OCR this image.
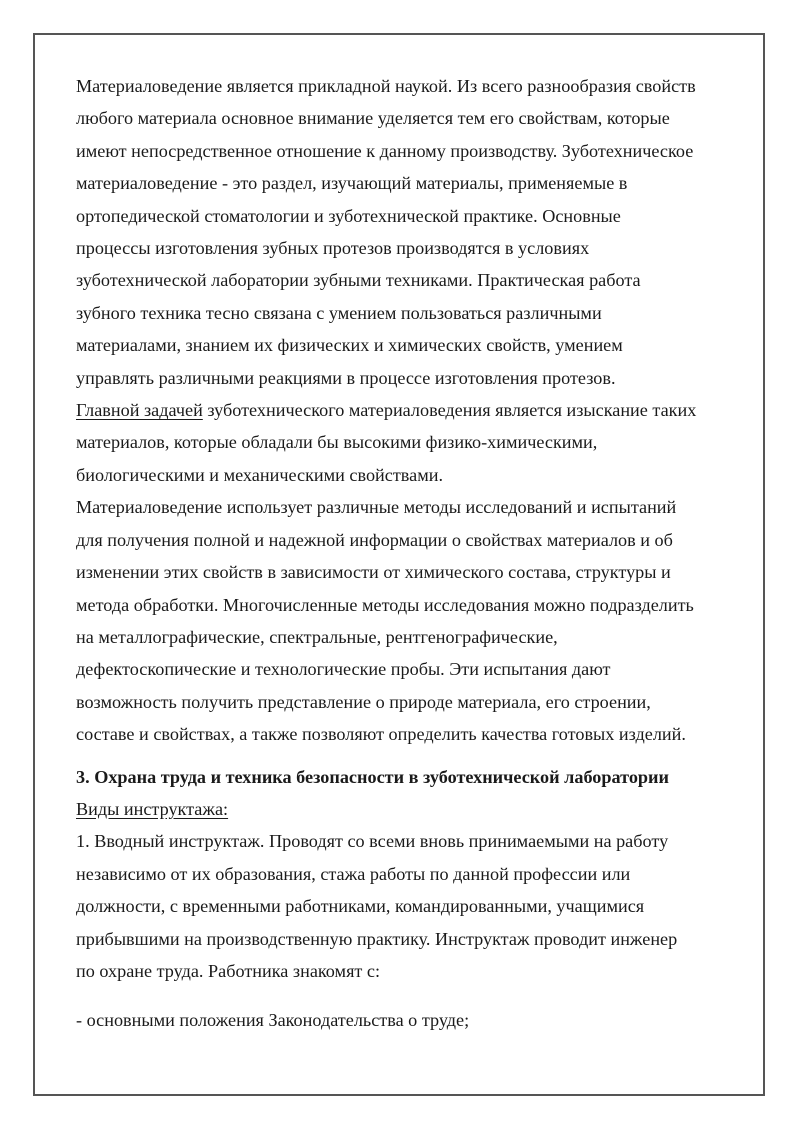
Материаловедение является прикладной наукой. Из всего разнообразия свойств
любого материала основное внимание уделяется тем его свойствам, которые
имеют непосредственное отношение к данному производству. Зуботехническое
материаловедение - это раздел, изучающий материалы, применяемые в
ортопедической стоматологии и зуботехнической практике. Основные
процессы изготовления зубных протезов производятся в условиях
зуботехнической лаборатории зубными техниками. Практическая работа
зубного техника тесно связана с умением пользоваться различными
материалами, знанием их физических и химических свойств, умением
управлять различными реакциями в процессе изготовления протезов.
Главной задачей зуботехнического материаловедения является изыскание таких
материалов, которые обладали бы высокими физико-химическими,
биологическими и механическими свойствами.
Материаловедение использует различные методы исследований и испытаний
для получения полной и надежной информации о свойствах материалов и об
изменении этих свойств в зависимости от химического состава, структуры и
метода обработки. Многочисленные методы исследования можно подразделить
на металлографические, спектральные, рентгенографические,
дефектоскопические и технологические пробы. Эти испытания дают
возможность получить представление о природе материала, его строении,
составе и свойствах, а также позволяют определить качества готовых изделий.
3. Охрана труда и техника безопасности в зуботехнической лаборатории
Виды инструктажа:
1. Вводный инструктаж. Проводят со всеми вновь принимаемыми на работу
независимо от их образования, стажа работы по данной профессии или
должности, с временными работниками, командированными, учащимися
прибывшими на производственную практику. Инструктаж проводит инженер
по охране труда. Работника знакомят с:
- основными положения Законодательства о труде;
